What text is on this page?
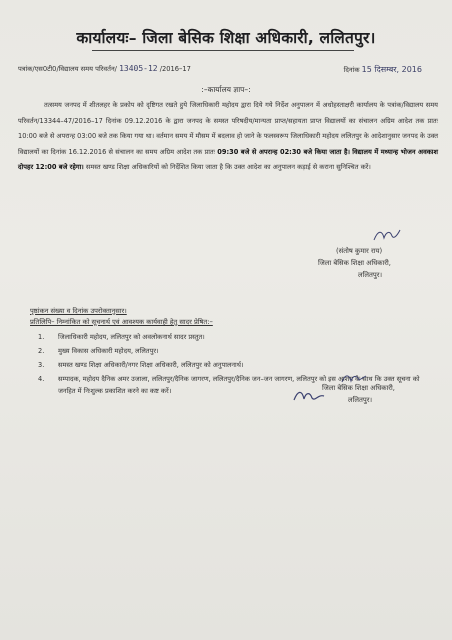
कार्यालयः– जिला बेसिक शिक्षा अधिकारी, ललितपुर।
पत्रांक/एस0टी0/विद्यालय समय परिवर्तन/ 13405-12 /2016–17	दिनांक 15 दिसम्बर, 2016
:–कार्यालय ज्ञाप–:
तत्समय जनपद में शीतलहर के प्रकोप को दृष्टिगत रखते हुये जिलाधिकारी महोदय द्वारा दिये गये निर्देश अनुपालन में अधोहस्ताक्षरी कार्यालय के पत्रांक/विद्यालय समय परिवर्तन/13344–47/2016–17 दिनांक 09.12.2016 के द्वारा जनपद के समस्त परिषदीय/मान्यता प्राप्त/सहायता प्राप्त विद्यालयों का संचालन अग्रिम आदेश तक प्रातः 10:00 बजे से अपरान्ह 03:00 बजे तक किया गया था। वर्तमान समय में मौसम में बदलाव हो जाने के फलस्वरूप जिलाधिकारी महोदय ललितपुर के आदेशानुसार जनपद के उक्त विद्यालयों का दिनांक 16.12.2016 से संचालन का समय अग्रिम आदेश तक प्रातः 09:30 बजे से अपरान्ह 02:30 बजे किया जाता है। विद्यालय में मध्यान्ह भोजन अवकाश दोपहर 12:00 बजे रहेगा। समस्त खण्ड शिक्षा अधिकारियों को निर्देशित किया जाता है कि उक्त आदेश का अनुपालन कड़ाई से कराना सुनिश्चित करें।
(संतोष कुमार राय)
जिला बेसिक शिक्षा अधिकारी,
ललितपुर।
पृष्ठांकन संख्या व दिनांक उपरोक्तानुसार।
प्रतिलिपि– निम्नांकित को सूचनार्थ एवं आवश्यक कार्यवाही हेतु सादर प्रेषित:–
1. जिलाधिकारी महोदय, ललितपुर को अवलोकनार्थ सादर प्रस्तुत।
2. मुख्य विकास अधिकारी महोदय, ललितपुर।
3. समस्त खण्ड शिक्षा अधिकारी/नगर शिक्षा अधिकारी, ललितपुर को अनुपालनार्थ।
4. सम्पादक, महोदय दैनिक अमर उजाला, ललितपुर/दैनिक जागरण, ललितपुर/दैनिक जन–जन जागरण, ललितपुर को इस आशय के साथ कि उक्त सूचना को जनहित में निःशुल्क प्रकाशित करने का कष्ट करें।	जिला बेसिक शिक्षा अधिकारी,
ललितपुर।
